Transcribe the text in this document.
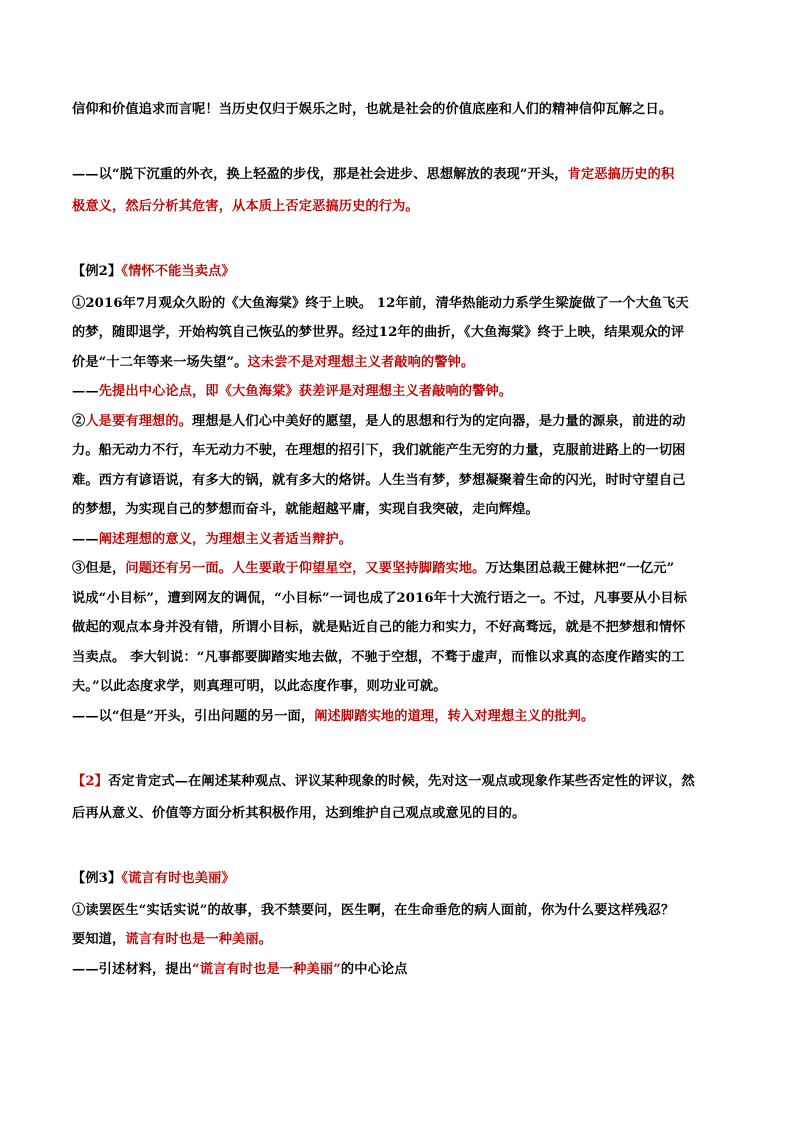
信仰和价值追求而言呢！当历史仅归于娱乐之时，也就是社会的价值底座和人们的精神信仰瓦解之日。
——以“脱下沉重的外衣，换上轻盈的步伐，那是社会进步、思想解放的表现”开头，肯定恶搞历史的积
极意义，然后分析其危害，从本质上否定恶搞历史的行为。
【例2】《情怀不能当卖点》
①2016年7月观众久盼的《大鱼海棠》终于上映。 12年前，清华热能动力系学生梁旋做了一个大鱼飞天
的梦，随即退学，开始构筑自己恢弘的梦世界。经过12年的曲折，《大鱼海棠》终于上映，结果观众的评
价是“十二年等来一场失望”。这未尝不是对理想主义者敲响的警钟。
——先提出中心论点，即《大鱼海棠》获差评是对理想主义者敲响的警钟。
②人是要有理想的。理想是人们心中美好的愿望，是人的思想和行为的定向器，是力量的源泉，前进的动
力。船无动力不行，车无动力不驶，在理想的招引下，我们就能产生无穷的力量，克服前进路上的一切困
难。西方有谚语说，有多大的锅，就有多大的烙饼。人生当有梦，梦想凝聚着生命的闪光，时时守望自己
的梦想，为实现自己的梦想而奋斗，就能超越平庸，实现自我突破，走向辉煌。
——阐述理想的意义，为理想主义者适当辩护。
③但是，问题还有另一面。人生要敢于仰望星空，又要坚持脚踏实地。万达集团总裁王健林把“一亿元”
说成“小目标”，遭到网友的调侃，“小目标”一词也成了2016年十大流行语之一。不过，凡事要从小目标
做起的观点本身并没有错，所谓小目标，就是贴近自己的能力和实力，不好高骛远，就是不把梦想和情怀
当卖点。 李大钊说：“凡事都要脚踏实地去做，不驰于空想，不骛于虚声，而惟以求真的态度作踏实的工
夫。”以此态度求学，则真理可明，以此态度作事，则功业可就。
——以“但是”开头，引出问题的另一面，阐述脚踏实地的道理，转入对理想主义的批判。
【2】否定肯定式—在阐述某种观点、评议某种现象的时候，先对这一观点或现象作某些否定性的评议，然
后再从意义、价值等方面分析其积极作用，达到维护自己观点或意见的目的。
【例3】《谎言有时也美丽》
①读罢医生“实话实说”的故事，我不禁要问，医生啊，在生命垂危的病人面前，你为什么要这样残忍？
要知道，谎言有时也是一种美丽。
——引述材料，提出“谎言有时也是一种美丽”的中心论点
